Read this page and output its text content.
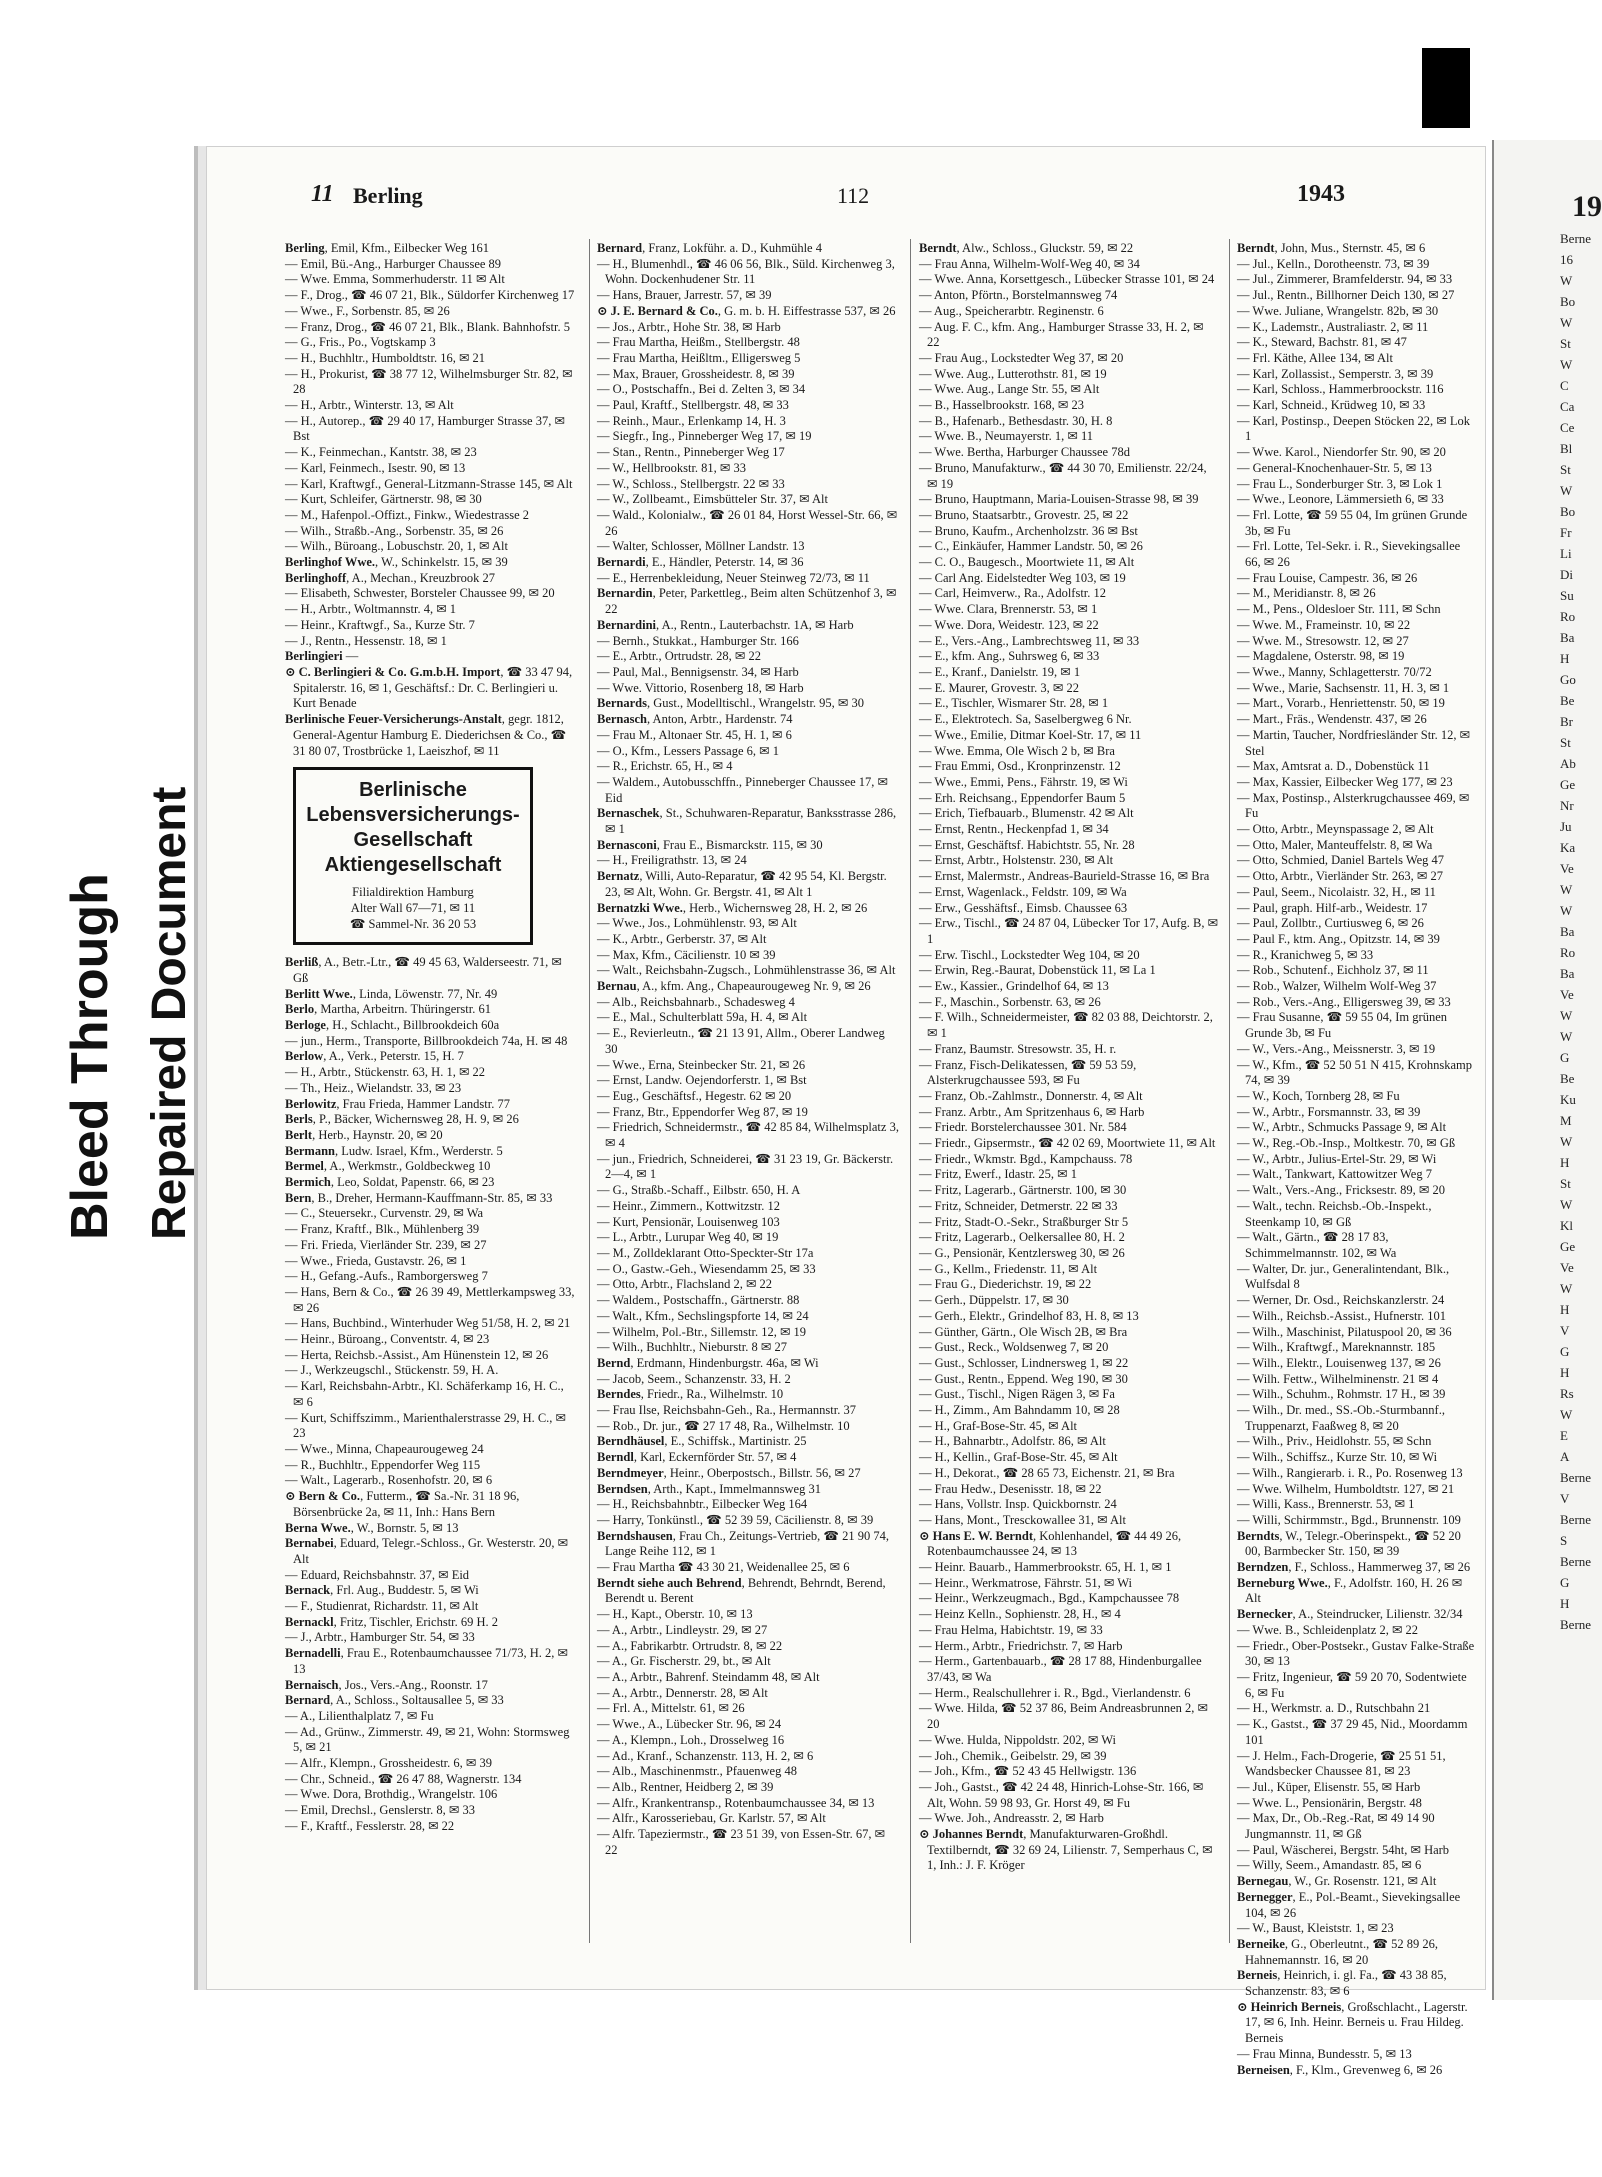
Bleed Through Repaired Document
19
Berne
16
W
Bo
W
St
W
C
Ca
Ce
Bl
St
W
Bo
Fr
Li
Di
Su
Ro
Ba
H
Go
Be
Br
St
Ab
Ge
Nr
Ju
Ka
Ve
W
W
Ba
Ro
Ba
Ve
W
W
G
Be
Ku
M
W
H
St
W
Kl
Ge
Ve
W
H
V
G
H
Rs
W
E
A
Berne
V
Berne
S
Berne
G
H
Berne
11 Berling	112	1943

Berling, Emil, Kfm., Eilbecker Weg 161

— Emil, Bü.-Ang., Harburger Chaussee 89

— Wwe. Emma, Sommerhuderstr. 11 ✉ Alt

— F., Drog., ☎ 46 07 21, Blk., Süldorfer Kirchenweg 17

— Wwe., F., Sorbenstr. 85, ✉ 26

— Franz, Drog., ☎ 46 07 21, Blk., Blank. Bahnhofstr. 5

— G., Fris., Po., Vogtskamp 3

— H., Buchhltr., Humboldtstr. 16, ✉ 21

— H., Prokurist, ☎ 38 77 12, Wilhelmsburger Str. 82, ✉ 28

— H., Arbtr., Winterstr. 13, ✉ Alt

— H., Autorep., ☎ 29 40 17, Hamburger Strasse 37, ✉ Bst

— K., Feinmechan., Kantstr. 38, ✉ 23

— Karl, Feinmech., Isestr. 90, ✉ 13

— Karl, Kraftwgf., General-Litzmann-Strasse 145, ✉ Alt

— Kurt, Schleifer, Gärtnerstr. 98, ✉ 30

— M., Hafenpol.-Offizt., Finkw., Wiedestrasse 2

— Wilh., Straßb.-Ang., Sorbenstr. 35, ✉ 26

— Wilh., Büroang., Lobuschstr. 20, 1, ✉ Alt

Berlinghof Wwe., W., Schinkelstr. 15, ✉ 39

Berlinghoff, A., Mechan., Kreuzbrook 27

— Elisabeth, Schwester, Borsteler Chaussee 99, ✉ 20

— H., Arbtr., Woltmannstr. 4, ✉ 1

— Heinr., Kraftwgf., Sa., Kurze Str. 7

— J., Rentn., Hessenstr. 18, ✉ 1

Berlingieri —

⊙ C. Berlingieri & Co. G.m.b.H. Import, ☎ 33 47 94, Spitalerstr. 16, ✉ 1, Geschäftsf.: Dr. C. Berlingieri u. Kurt Benade

Berlinische Feuer-Versicherungs-Anstalt, gegr. 1812, General-Agentur Hamburg E. Diederichsen & Co., ☎ 31 80 07, Trostbrücke 1, Laeiszhof, ✉ 11

Berlinische
Lebensversicherungs-
Gesellschaft
Aktiengesellschaft
Filialdirektion Hamburg
Alter Wall 67—71, ✉ 11
☎ Sammel-Nr. 36 20 53

Berliß, A., Betr.-Ltr., ☎ 49 45 63, Walderseestr. 71, ✉ Gß

Berlitt Wwe., Linda, Löwenstr. 77, Nr. 49

Berlo, Martha, Arbeitrn. Thüringerstr. 61

Berloge, H., Schlacht., Billbrookdeich 60a

— jun., Herm., Transporte, Billbrookdeich 74a, H. ✉ 48

Berlow, A., Verk., Peterstr. 15, H. 7

— H., Arbtr., Stückenstr. 63, H. 1, ✉ 22

— Th., Heiz., Wielandstr. 33, ✉ 23

Berlowitz, Frau Frieda, Hammer Landstr. 77

Berls, P., Bäcker, Wichernsweg 28, H. 9, ✉ 26

Berlt, Herb., Haynstr. 20, ✉ 20

Bermann, Ludw. Israel, Kfm., Werderstr. 5

Bermel, A., Werkmstr., Goldbeckweg 10

Bermich, Leo, Soldat, Papenstr. 66, ✉ 23

Bern, B., Dreher, Hermann-Kauffmann-Str. 85, ✉ 33

— C., Steuersekr., Curvenstr. 29, ✉ Wa

— Franz, Kraftf., Blk., Mühlenberg 39

— Fri. Frieda, Vierländer Str. 239, ✉ 27

— Wwe., Frieda, Gustavstr. 26, ✉ 1

— H., Gefang.-Aufs., Ramborgersweg 7

— Hans, Bern & Co., ☎ 26 39 49, Mettlerkampsweg 33, ✉ 26

— Hans, Buchbind., Winterhuder Weg 51/58, H. 2, ✉ 21

— Heinr., Büroang., Conventstr. 4, ✉ 23

— Herta, Reichsb.-Assist., Am Hünenstein 12, ✉ 26

— J., Werkzeugschl., Stückenstr. 59, H. A.

— Karl, Reichsbahn-Arbtr., Kl. Schäferkamp 16, H. C., ✉ 6

— Kurt, Schiffszimm., Marienthalerstrasse 29, H. C., ✉ 23

— Wwe., Minna, Chapeaurougeweg 24

— R., Buchhltr., Eppendorfer Weg 115

— Walt., Lagerarb., Rosenhofstr. 20, ✉ 6

⊙ Bern & Co., Futterm., ☎ Sa.-Nr. 31 18 96, Börsenbrücke 2a, ✉ 11, Inh.: Hans Bern

Berna Wwe., W., Bornstr. 5, ✉ 13

Bernabei, Eduard, Telegr.-Schloss., Gr. Westerstr. 20, ✉ Alt

— Eduard, Reichsbahnstr. 37, ✉ Eid

Bernack, Frl. Aug., Buddestr. 5, ✉ Wi

— F., Studienrat, Richardstr. 11, ✉ Alt

Bernackl, Fritz, Tischler, Erichstr. 69 H. 2

— J., Arbtr., Hamburger Str. 54, ✉ 33

Bernadelli, Frau E., Rotenbaumchaussee 71/73, H. 2, ✉ 13

Bernaisch, Jos., Vers.-Ang., Roonstr. 17

Bernard, A., Schloss., Soltausallee 5, ✉ 33

— A., Lilienthalplatz 7, ✉ Fu

— Ad., Grünw., Zimmerstr. 49, ✉ 21, Wohn: Stormsweg 5, ✉ 21

— Alfr., Klempn., Grossheidestr. 6, ✉ 39

— Chr., Schneid., ☎ 26 47 88, Wagnerstr. 134

— Wwe. Dora, Brothdig., Wrangelstr. 106

— Emil, Drechsl., Genslerstr. 8, ✉ 33

— F., Kraftf., Fesslerstr. 28, ✉ 22

Bernard, Franz, Lokführ. a. D., Kuhmühle 4

— H., Blumenhdl., ☎ 46 06 56, Blk., Süld. Kirchenweg 3, Wohn. Dockenhudener Str. 11

— Hans, Brauer, Jarrestr. 57, ✉ 39

⊙ J. E. Bernard & Co., G. m. b. H. Eiffestrasse 537, ✉ 26

— Jos., Arbtr., Hohe Str. 38, ✉ Harb

— Frau Martha, Heißm., Stellbergstr. 48

— Frau Martha, Heißltm., Elligersweg 5

— Max, Brauer, Grossheidestr. 8, ✉ 39

— O., Postschaffn., Bei d. Zelten 3, ✉ 34

— Paul, Kraftf., Stellbergstr. 48, ✉ 33

— Reinh., Maur., Erlenkamp 14, H. 3

— Siegfr., Ing., Pinneberger Weg 17, ✉ 19

— Stan., Rentn., Pinneberger Weg 17

— W., Hellbrookstr. 81, ✉ 33

— W., Schloss., Stellbergstr. 22 ✉ 33

— W., Zollbeamt., Eimsbütteler Str. 37, ✉ Alt

— Wald., Kolonialw., ☎ 26 01 84, Horst Wessel-Str. 66, ✉ 26

— Walter, Schlosser, Möllner Landstr. 13

Bernardi, E., Händler, Peterstr. 14, ✉ 36

— E., Herrenbekleidung, Neuer Steinweg 72/73, ✉ 11

Bernardin, Peter, Parkettleg., Beim alten Schützenhof 3, ✉ 22

Bernardini, A., Rentn., Lauterbachstr. 1A, ✉ Harb

— Bernh., Stukkat., Hamburger Str. 166

— E., Arbtr., Ortrudstr. 28, ✉ 22

— Paul, Mal., Bennigsenstr. 34, ✉ Harb

— Wwe. Vittorio, Rosenberg 18, ✉ Harb

Bernards, Gust., Modelltischl., Wrangelstr. 95, ✉ 30

Bernasch, Anton, Arbtr., Hardenstr. 74

— Frau M., Altonaer Str. 45, H. 1, ✉ 6

— O., Kfm., Lessers Passage 6, ✉ 1

— R., Erichstr. 65, H., ✉ 4

— Waldem., Autobusschffn., Pinneberger Chaussee 17, ✉ Eid

Bernaschek, St., Schuhwaren-Reparatur, Banksstrasse 286, ✉ 1

Bernasconi, Frau E., Bismarckstr. 115, ✉ 30

— H., Freiligrathstr. 13, ✉ 24

Bernatz, Willi, Auto-Reparatur, ☎ 42 95 54, Kl. Bergstr. 23, ✉ Alt, Wohn. Gr. Bergstr. 41, ✉ Alt 1

Bernatzki Wwe., Herb., Wichernsweg 28, H. 2, ✉ 26

— Wwe., Jos., Lohmühlenstr. 93, ✉ Alt

— K., Arbtr., Gerberstr. 37, ✉ Alt

— Max, Kfm., Cäcilienstr. 10 ✉ 39

— Walt., Reichsbahn-Zugsch., Lohmühlenstrasse 36, ✉ Alt

Bernau, A., kfm. Ang., Chapeaurougeweg Nr. 9, ✉ 26

— Alb., Reichsbahnarb., Schadesweg 4

— E., Mal., Schulterblatt 59a, H. 4, ✉ Alt

— E., Revierleutn., ☎ 21 13 91, Allm., Oberer Landweg 30

— Wwe., Erna, Steinbecker Str. 21, ✉ 26

— Ernst, Landw. Oejendorferstr. 1, ✉ Bst

— Eug., Geschäftsf., Hegestr. 62 ✉ 20

— Franz, Btr., Eppendorfer Weg 87, ✉ 19

— Friedrich, Schneidermstr., ☎ 42 85 84, Wilhelmsplatz 3, ✉ 4

— jun., Friedrich, Schneiderei, ☎ 31 23 19, Gr. Bäckerstr. 2—4, ✉ 1

— G., Straßb.-Schaff., Eilbstr. 650, H. A

— Heinr., Zimmern., Kottwitzstr. 12

— Kurt, Pensionär, Louisenweg 103

— L., Arbtr., Lurupar Weg 40, ✉ 19

— M., Zolldeklarant Otto-Speckter-Str 17a

— O., Gastw.-Geh., Wiesendamm 25, ✉ 33

— Otto, Arbtr., Flachsland 2, ✉ 22

— Waldem., Postschaffn., Gärtnerstr. 88

— Walt., Kfm., Sechslingspforte 14, ✉ 24

— Wilhelm, Pol.-Btr., Sillemstr. 12, ✉ 19

— Wilh., Buchhltr., Nieburstr. 8 ✉ 27

Bernd, Erdmann, Hindenburgstr. 46a, ✉ Wi

— Jacob, Seem., Schanzenstr. 33, H. 2

Berndes, Friedr., Ra., Wilhelmstr. 10

— Frau Ilse, Reichsbahn-Geh., Ra., Hermannstr. 37

— Rob., Dr. jur., ☎ 27 17 48, Ra., Wilhelmstr. 10

Berndhäusel, E., Schiffsk., Martinistr. 25

Berndl, Karl, Eckernförder Str. 57, ✉ 4

Berndmeyer, Heinr., Oberpostsch., Billstr. 56, ✉ 27

Berndsen, Arth., Kapt., Immelmannsweg 31

— H., Reichsbahnbtr., Eilbecker Weg 164

— Harry, Tonkünstl., ☎ 52 39 59, Cäcilienstr. 8, ✉ 39

Berndshausen, Frau Ch., Zeitungs-Vertrieb, ☎ 21 90 74, Lange Reihe 112, ✉ 1

— Frau Martha ☎ 43 30 21, Weidenallee 25, ✉ 6

Berndt siehe auch Behrend, Behrendt, Behrndt, Berend, Berendt u. Berent

— H., Kapt., Oberstr. 10, ✉ 13

— A., Arbtr., Lindleystr. 29, ✉ 27

— A., Fabrikarbtr. Ortrudstr. 8, ✉ 22

— A., Gr. Fischerstr. 29, bt., ✉ Alt

— A., Arbtr., Bahrenf. Steindamm 48, ✉ Alt

— A., Arbtr., Dennerstr. 28, ✉ Alt

— Frl. A., Mittelstr. 61, ✉ 26

— Wwe., A., Lübecker Str. 96, ✉ 24

— A., Klempn., Loh., Drosselweg 16

— Ad., Kranf., Schanzenstr. 113, H. 2, ✉ 6

— Alb., Maschinenmstr., Pfauenweg 48

— Alb., Rentner, Heidberg 2, ✉ 39

— Alfr., Krankentransp., Rotenbaumchaussee 34, ✉ 13

— Alfr., Karosseriebau, Gr. Karlstr. 57, ✉ Alt

— Alfr. Tapeziermstr., ☎ 23 51 39, von Essen-Str. 67, ✉ 22

Berndt, Alw., Schloss., Gluckstr. 59, ✉ 22

— Frau Anna, Wilhelm-Wolf-Weg 40, ✉ 34

— Wwe. Anna, Korsettgesch., Lübecker Strasse 101, ✉ 24

— Anton, Pförtn., Borstelmannsweg 74

— Aug., Speicherarbtr. Reginenstr. 6

— Aug. F. C., kfm. Ang., Hamburger Strasse 33, H. 2, ✉ 22

— Frau Aug., Lockstedter Weg 37, ✉ 20

— Wwe. Aug., Lutterothstr. 81, ✉ 19

— Wwe. Aug., Lange Str. 55, ✉ Alt

— B., Hasselbrookstr. 168, ✉ 23

— B., Hafenarb., Bethesdastr. 30, H. 8

— Wwe. B., Neumayerstr. 1, ✉ 11

— Wwe. Bertha, Harburger Chaussee 78d

— Bruno, Manufakturw., ☎ 44 30 70, Emilienstr. 22/24, ✉ 19

— Bruno, Hauptmann, Maria-Louisen-Strasse 98, ✉ 39

— Bruno, Staatsarbtr., Grovestr. 25, ✉ 22

— Bruno, Kaufm., Archenholzstr. 36 ✉ Bst

— C., Einkäufer, Hammer Landstr. 50, ✉ 26

— C. O., Baugesch., Moortwiete 11, ✉ Alt

— Carl Ang. Eidelstedter Weg 103, ✉ 19

— Carl, Heimverw., Ra., Adolfstr. 12

— Wwe. Clara, Brennerstr. 53, ✉ 1

— Wwe. Dora, Weidestr. 123, ✉ 22

— E., Vers.-Ang., Lambrechtsweg 11, ✉ 33

— E., kfm. Ang., Suhrsweg 6, ✉ 33

— E., Kranf., Danielstr. 19, ✉ 1

— E. Maurer, Grovestr. 3, ✉ 22

— E., Tischler, Wismarer Str. 28, ✉ 1

— E., Elektrotech. Sa, Saselbergweg 6 Nr.

— Wwe., Emilie, Ditmar Koel-Str. 17, ✉ 11

— Wwe. Emma, Ole Wisch 2 b, ✉ Bra

— Frau Emmi, Osd., Kronprinzenstr. 12

— Wwe., Emmi, Pens., Fährstr. 19, ✉ Wi

— Erh. Reichsang., Eppendorfer Baum 5

— Erich, Tiefbauarb., Blumenstr. 42 ✉ Alt

— Ernst, Rentn., Heckenpfad 1, ✉ 34

— Ernst, Geschäftsf. Habichtstr. 55, Nr. 28

— Ernst, Arbtr., Holstenstr. 230, ✉ Alt

— Ernst, Malermstr., Andreas-Baurield-Strasse 16, ✉ Bra

— Ernst, Wagenlack., Feldstr. 109, ✉ Wa

— Erw., Gesshäftsf., Eimsb. Chaussee 63

— Erw., Tischl., ☎ 24 87 04, Lübecker Tor 17, Aufg. B, ✉ 1

— Erw. Tischl., Lockstedter Weg 104, ✉ 20

— Erwin, Reg.-Baurat, Dobenstück 11, ✉ La 1

— Ew., Kassier., Grindelhof 64, ✉ 13

— F., Maschin., Sorbenstr. 63, ✉ 26

— F. Wilh., Schneidermeister, ☎ 82 03 88, Deichtorstr. 2, ✉ 1

— Franz, Baumstr. Stresowstr. 35, H. r.

— Franz, Fisch-Delikatessen, ☎ 59 53 59, Alsterkrugchaussee 593, ✉ Fu

— Franz, Ob.-Zahlmstr., Donnerstr. 4, ✉ Alt

— Franz. Arbtr., Am Spritzenhaus 6, ✉ Harb

— Friedr. Borstelerchaussee 301. Nr. 584

— Friedr., Gipsermstr., ☎ 42 02 69, Moortwiete 11, ✉ Alt

— Friedr., Wkmstr. Bgd., Kampchauss. 78

— Fritz, Ewerf., Idastr. 25, ✉ 1

— Fritz, Lagerarb., Gärtnerstr. 100, ✉ 30

— Fritz, Schneider, Detmerstr. 22 ✉ 33

— Fritz, Stadt-O.-Sekr., Straßburger Str 5

— Fritz, Lagerarb., Oelkersallee 80, H. 2

— G., Pensionär, Kentzlersweg 30, ✉ 26

— G., Kellm., Friedenstr. 11, ✉ Alt

— Frau G., Diederichstr. 19, ✉ 22

— Gerh., Düppelstr. 17, ✉ 30

— Gerh., Elektr., Grindelhof 83, H. 8, ✉ 13

— Günther, Gärtn., Ole Wisch 2B, ✉ Bra

— Gust., Reck., Woldsenweg 7, ✉ 20

— Gust., Schlosser, Lindnersweg 1, ✉ 22

— Gust., Rentn., Eppend. Weg 190, ✉ 30

— Gust., Tischl., Nigen Rägen 3, ✉ Fa

— H., Zimm., Am Bahndamm 10, ✉ 28

— H., Graf-Bose-Str. 45, ✉ Alt

— H., Bahnarbtr., Adolfstr. 86, ✉ Alt

— H., Kellin., Graf-Bose-Str. 45, ✉ Alt

— H., Dekorat., ☎ 28 65 73, Eichenstr. 21, ✉ Bra

— Frau Hedw., Desenisstr. 18, ✉ 22

— Hans, Vollstr. Insp. Quickbornstr. 24

— Hans, Mont., Tresckowallee 31, ✉ Alt

⊙ Hans E. W. Berndt, Kohlenhandel, ☎ 44 49 26, Rotenbaumchaussee 24, ✉ 13

— Heinr. Bauarb., Hammerbrookstr. 65, H. 1, ✉ 1

— Heinr., Werkmatrose, Fährstr. 51, ✉ Wi

— Heinr., Werkzeugmach., Bgd., Kampchaussee 78

— Heinz Kelln., Sophienstr. 28, H., ✉ 4

— Frau Helma, Habichtstr. 19, ✉ 33

— Herm., Arbtr., Friedrichstr. 7, ✉ Harb

— Herm., Gartenbauarb., ☎ 28 17 88, Hindenburgallee 37/43, ✉ Wa

— Herm., Realschullehrer i. R., Bgd., Vierlandenstr. 6

— Wwe. Hilda, ☎ 52 37 86, Beim Andreasbrunnen 2, ✉ 20

— Wwe. Hulda, Nippoldstr. 202, ✉ Wi

— Joh., Chemik., Geibelstr. 29, ✉ 39

— Joh., Kfm., ☎ 52 43 45 Hellwigstr. 136

— Joh., Gastst., ☎ 42 24 48, Hinrich-Lohse-Str. 166, ✉ Alt, Wohn. 59 98 93, Gr. Horst 49, ✉ Fu

— Wwe. Joh., Andreasstr. 2, ✉ Harb

⊙ Johannes Berndt, Manufakturwaren-Großhdl. Textilberndt, ☎ 32 69 24, Lilienstr. 7, Semperhaus C, ✉ 1, Inh.: J. F. Kröger

Berndt, John, Mus., Sternstr. 45, ✉ 6

— Jul., Kelln., Dorotheenstr. 73, ✉ 39

— Jul., Zimmerer, Bramfelderstr. 94, ✉ 33

— Jul., Rentn., Billhorner Deich 130, ✉ 27

— Wwe. Juliane, Wrangelstr. 82b, ✉ 30

— K., Lademstr., Australiastr. 2, ✉ 11

— K., Steward, Bachstr. 81, ✉ 47

— Frl. Käthe, Allee 134, ✉ Alt

— Karl, Zollassist., Semperstr. 3, ✉ 39

— Karl, Schloss., Hammerbroockstr. 116

— Karl, Schneid., Krüdweg 10, ✉ 33

— Karl, Postinsp., Deepen Stöcken 22, ✉ Lok 1

— Wwe. Karol., Niendorfer Str. 90, ✉ 20

— General-Knochenhauer-Str. 5, ✉ 13

— Frau L., Sonderburger Str. 3, ✉ Lok 1

— Wwe., Leonore, Lämmersieth 6, ✉ 33

— Frl. Lotte, ☎ 59 55 04, Im grünen Grunde 3b, ✉ Fu

— Frl. Lotte, Tel-Sekr. i. R., Sievekingsallee 66, ✉ 26

— Frau Louise, Campestr. 36, ✉ 26

— M., Meridianstr. 8, ✉ 26

— M., Pens., Oldesloer Str. 111, ✉ Schn

— Wwe. M., Frameinstr. 10, ✉ 22

— Wwe. M., Stresowstr. 12, ✉ 27

— Magdalene, Osterstr. 98, ✉ 19

— Wwe., Manny, Schlagetterstr. 70/72

— Wwe., Marie, Sachsenstr. 11, H. 3, ✉ 1

— Mart., Vorarb., Henriettenstr. 50, ✉ 19

— Mart., Fräs., Wendenstr. 437, ✉ 26

— Martin, Taucher, Nordfriesländer Str. 12, ✉ Stel

— Max, Amtsrat a. D., Dobenstück 11

— Max, Kassier, Eilbecker Weg 177, ✉ 23

— Max, Postinsp., Alsterkrugchaussee 469, ✉ Fu

— Otto, Arbtr., Meynspassage 2, ✉ Alt

— Otto, Maler, Manteuffelstr. 8, ✉ Wa

— Otto, Schmied, Daniel Bartels Weg 47

— Otto, Arbtr., Vierländer Str. 263, ✉ 27

— Paul, Seem., Nicolaistr. 32, H., ✉ 11

— Paul, graph. Hilf-arb., Weidestr. 17

— Paul, Zollbtr., Curtiusweg 6, ✉ 26

— Paul F., ktm. Ang., Opitzstr. 14, ✉ 39

— R., Kranichweg 5, ✉ 33

— Rob., Schutenf., Eichholz 37, ✉ 11

— Rob., Walzer, Wilhelm Wolf-Weg 37

— Rob., Vers.-Ang., Elligersweg 39, ✉ 33

— Frau Susanne, ☎ 59 55 04, Im grünen Grunde 3b, ✉ Fu

— W., Vers.-Ang., Meissnerstr. 3, ✉ 19

— W., Kfm., ☎ 52 50 51 N 415, Krohnskamp 74, ✉ 39

— W., Koch, Tornberg 28, ✉ Fu

— W., Arbtr., Forsmannstr. 33, ✉ 39

— W., Arbtr., Schmucks Passage 9, ✉ Alt

— W., Reg.-Ob.-Insp., Moltkestr. 70, ✉ Gß

— W., Arbtr., Julius-Ertel-Str. 29, ✉ Wi

— Walt., Tankwart, Kattowitzer Weg 7

— Walt., Vers.-Ang., Fricksestr. 89, ✉ 20

— Walt., techn. Reichsb.-Ob.-Inspekt., Steenkamp 10, ✉ Gß

— Walt., Gärtn., ☎ 28 17 83, Schimmelmannstr. 102, ✉ Wa

— Walter, Dr. jur., Generalintendant, Blk., Wulfsdal 8

— Werner, Dr. Osd., Reichskanzlerstr. 24

— Wilh., Reichsb.-Assist., Hufnerstr. 101

— Wilh., Maschinist, Pilatuspool 20, ✉ 36

— Wilh., Kraftwgf., Mareknannstr. 185

— Wilh., Elektr., Louisenweg 137, ✉ 26

— Wilh. Fettw., Wilhelminenstr. 21 ✉ 4

— Wilh., Schuhm., Rohmstr. 17 H., ✉ 39

— Wilh., Dr. med., SS.-Ob.-Sturmbannf., Truppenarzt, Faaßweg 8, ✉ 20

— Wilh., Priv., Heidlohstr. 55, ✉ Schn

— Wilh., Schiffsz., Kurze Str. 10, ✉ Wi

— Wilh., Rangierarb. i. R., Po. Rosenweg 13

— Wwe. Wilhelm, Humboldtstr. 127, ✉ 21

— Willi, Kass., Brennerstr. 53, ✉ 1

— Willi, Schirmmstr., Bgd., Brunnenstr. 109

Berndts, W., Telegr.-Oberinspekt., ☎ 52 20 00, Barmbecker Str. 150, ✉ 39

Berndzen, F., Schloss., Hammerweg 37, ✉ 26

Berneburg Wwe., F., Adolfstr. 160, H. 26 ✉ Alt

Bernecker, A., Steindrucker, Lilienstr. 32/34

— Wwe. B., Schleidenplatz 2, ✉ 22

— Friedr., Ober-Postsekr., Gustav Falke-Straße 30, ✉ 13

— Fritz, Ingenieur, ☎ 59 20 70, Sodentwiete 6, ✉ Fu

— H., Werkmstr. a. D., Rutschbahn 21

— K., Gastst., ☎ 37 29 45, Nid., Moordamm 101

— J. Helm., Fach-Drogerie, ☎ 25 51 51, Wandsbecker Chaussee 81, ✉ 23

— Jul., Küper, Elisenstr. 55, ✉ Harb

— Wwe. L., Pensionärin, Bergstr. 48

— Max, Dr., Ob.-Reg.-Rat, ✉ 49 14 90 Jungmannstr. 11, ✉ Gß

— Paul, Wäscherei, Bergstr. 54ht, ✉ Harb

— Willy, Seem., Amandastr. 85, ✉ 6

Bernegau, W., Gr. Rosenstr. 121, ✉ Alt

Bernegger, E., Pol.-Beamt., Sievekingsallee 104, ✉ 26

— W., Baust, Kleiststr. 1, ✉ 23

Berneike, G., Oberleutnt., ☎ 52 89 26, Hahnemannstr. 16, ✉ 20

Berneis, Heinrich, i. gl. Fa., ☎ 43 38 85, Schanzenstr. 83, ✉ 6

⊙ Heinrich Berneis, Großschlacht., Lagerstr. 17, ✉ 6, Inh. Heinr. Berneis u. Frau Hildeg. Berneis

— Frau Minna, Bundesstr. 5, ✉ 13

Berneisen, F., Klm., Grevenweg 6, ✉ 26
